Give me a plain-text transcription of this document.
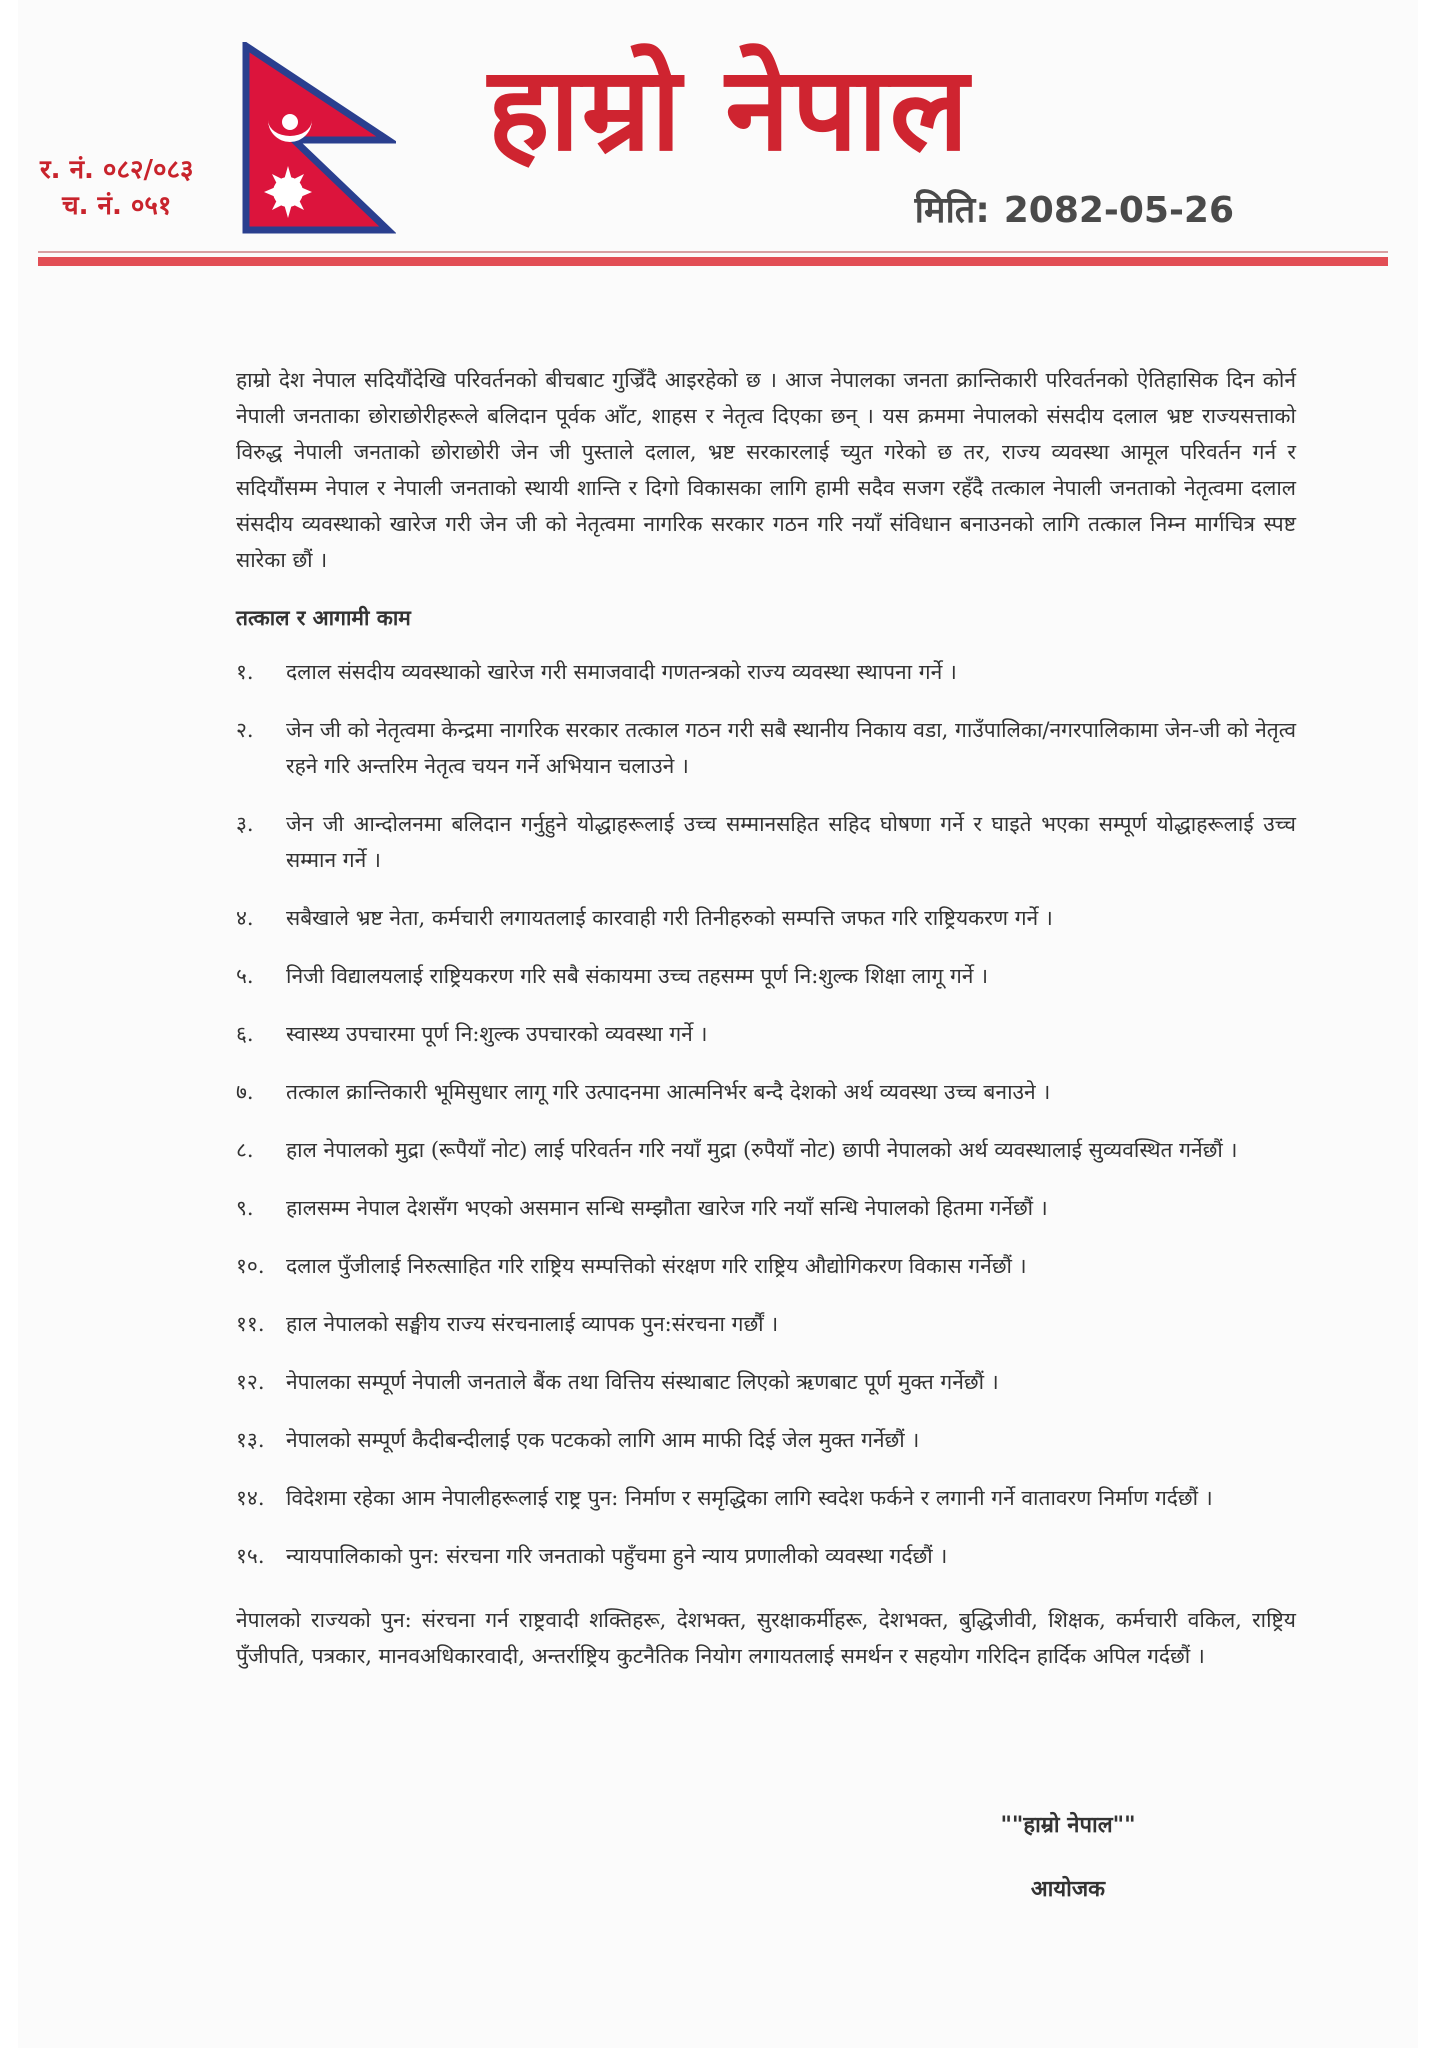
र. नं. ०८२/०८३
च. नं. ०५१
हाम्रो नेपाल
मिति: 2082-05-26

हाम्रो देश नेपाल सदियौंदेखि परिवर्तनको बीचबाट गुज्रिँदै आइरहेको छ । आज नेपालका जनता क्रान्तिकारी परिवर्तनको ऐतिहासिक दिन कोर्न नेपाली जनताका छोराछोरीहरूले बलिदान पूर्वक आँट, शाहस र नेतृत्व दिएका छन् । यस क्रममा नेपालको संसदीय दलाल भ्रष्ट राज्यसत्ताको विरुद्ध नेपाली जनताको छोराछोरी जेन जी पुस्ताले दलाल, भ्रष्ट सरकारलाई च्युत गरेको छ तर, राज्य व्यवस्था आमूल परिवर्तन गर्न र सदियौंसम्म नेपाल र नेपाली जनताको स्थायी शान्ति र दिगो विकासका लागि हामी सदैव सजग रहँदै तत्काल नेपाली जनताको नेतृत्वमा दलाल संसदीय व्यवस्थाको खारेज गरी जेन जी को नेतृत्वमा नागरिक सरकार गठन गरि नयाँ संविधान बनाउनको लागि तत्काल निम्न मार्गचित्र स्पष्ट सारेका छौं ।

तत्काल र आगामी काम
१.	दलाल संसदीय व्यवस्थाको खारेज गरी समाजवादी गणतन्त्रको राज्य व्यवस्था स्थापना गर्ने ।
२.	जेन जी को नेतृत्वमा केन्द्रमा नागरिक सरकार तत्काल गठन गरी सबै स्थानीय निकाय वडा, गाउँपालिका/नगरपालिकामा जेन-जी को नेतृत्व रहने गरि अन्तरिम नेतृत्व चयन गर्ने अभियान चलाउने ।
३.	जेन जी आन्दोलनमा बलिदान गर्नुहुने योद्धाहरूलाई उच्च सम्मानसहित सहिद घोषणा गर्ने र घाइते भएका सम्पूर्ण योद्धाहरूलाई उच्च सम्मान गर्ने ।
४.	सबैखाले भ्रष्ट नेता, कर्मचारी लगायतलाई कारवाही गरी तिनीहरुको सम्पत्ति जफत गरि राष्ट्रियकरण गर्ने ।
५.	निजी विद्यालयलाई राष्ट्रियकरण गरि सबै संकायमा उच्च तहसम्म पूर्ण नि:शुल्क शिक्षा लागू गर्ने ।
६.	स्वास्थ्य उपचारमा पूर्ण नि:शुल्क उपचारको व्यवस्था गर्ने ।
७.	तत्काल क्रान्तिकारी भूमिसुधार लागू गरि उत्पादनमा आत्मनिर्भर बन्दै देशको अर्थ व्यवस्था उच्च बनाउने ।
८.	हाल नेपालको मुद्रा (रूपैयाँ नोट) लाई परिवर्तन गरि नयाँ मुद्रा (रुपैयाँ नोट) छापी नेपालको अर्थ व्यवस्थालाई सुव्यवस्थित गर्नेछौं ।
९.	हालसम्म नेपाल देशसँग भएको असमान सन्धि सम्झौता खारेज गरि नयाँ सन्धि नेपालको हितमा गर्नेछौं ।
१०.	दलाल पुँजीलाई निरुत्साहित गरि राष्ट्रिय सम्पत्तिको संरक्षण गरि राष्ट्रिय औद्योगिकरण विकास गर्नेछौं ।
११.	हाल नेपालको सङ्घीय राज्य संरचनालाई व्यापक पुन:संरचना गर्छौं ।
१२.	नेपालका सम्पूर्ण नेपाली जनताले बैंक तथा वित्तिय संस्थाबाट लिएको ऋणबाट पूर्ण मुक्त गर्नेछौं ।
१३.	नेपालको सम्पूर्ण कैदीबन्दीलाई एक पटकको लागि आम माफी दिई जेल मुक्त गर्नेछौं ।
१४.	विदेशमा रहेका आम नेपालीहरूलाई राष्ट्र पुन: निर्माण र समृद्धिका लागि स्वदेश फर्कने र लगानी गर्ने वातावरण निर्माण गर्दछौं ।
१५.	न्यायपालिकाको पुन: संरचना गरि जनताको पहुँचमा हुने न्याय प्रणालीको व्यवस्था गर्दछौं ।

नेपालको राज्यको पुन: संरचना गर्न राष्ट्रवादी शक्तिहरू, देशभक्त, सुरक्षाकर्मीहरू, देशभक्त, बुद्धिजीवी, शिक्षक, कर्मचारी वकिल, राष्ट्रिय पुँजीपति, पत्रकार, मानवअधिकारवादी, अन्तर्राष्ट्रिय कुटनैतिक नियोग लगायतलाई समर्थन र सहयोग गरिदिन हार्दिक अपिल गर्दछौं ।

""हाम्रो नेपाल""
आयोजक
